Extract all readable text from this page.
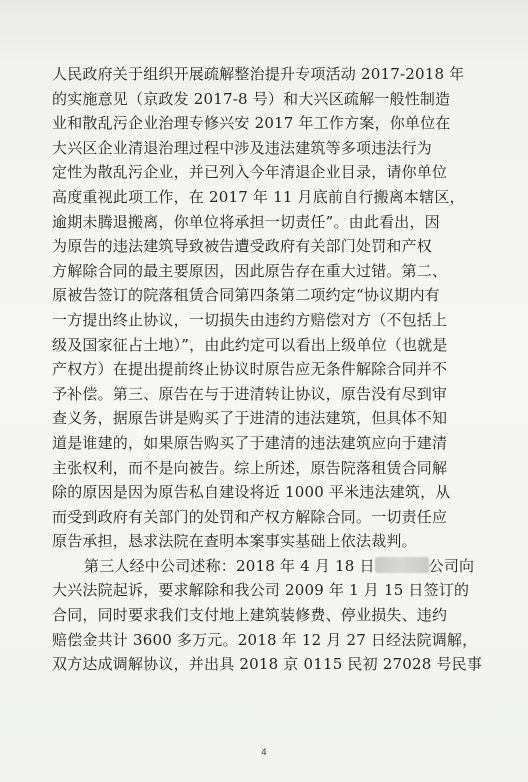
人民政府关于组织开展疏解整治提升专项活动 2017-2018 年
的实施意见（京政发 2017-8 号）和大兴区疏解一般性制造
业和散乱污企业治理专修兴安 2017 年工作方案，你单位在
大兴区企业清退治理过程中涉及违法建筑等多项违法行为
定性为散乱污企业，并已列入今年清退企业目录，请你单位
高度重视此项工作，在 2017 年 11 月底前自行搬离本辖区，
逾期未腾退搬离，你单位将承担一切责任”。由此看出，因
为原告的违法建筑导致被告遭受政府有关部门处罚和产权
方解除合同的最主要原因，因此原告存在重大过错。第二、
原被告签订的院落租赁合同第四条第二项约定“协议期内有
一方提出终止协议，一切损失由违约方赔偿对方（不包括上
级及国家征占土地）”，由此约定可以看出上级单位（也就是
产权方）在提出提前终止协议时原告应无条件解除合同并不
予补偿。第三、原告在与于进清转让协议，原告没有尽到审
查义务，据原告讲是购买了于进清的违法建筑，但具体不知
道是谁建的，如果原告购买了于建清的违法建筑应向于建清
主张权利，而不是向被告。综上所述，原告院落租赁合同解
除的原因是因为原告私自建设将近 1000 平米违法建筑，从
而受到政府有关部门的处罚和产权方解除合同。一切责任应
原告承担，恳求法院在查明本案事实基础上依法裁判。
第三人经中公司述称：2018 年 4 月 18 日	公司向
大兴法院起诉，要求解除和我公司 2009 年 1 月 15 日签订的
合同，同时要求我们支付地上建筑装修费、停业损失、违约
赔偿金共计 3600 多万元。2018 年 12 月 27 日经法院调解，
双方达成调解协议，并出具 2018 京 0115 民初 27028 号民事
4
